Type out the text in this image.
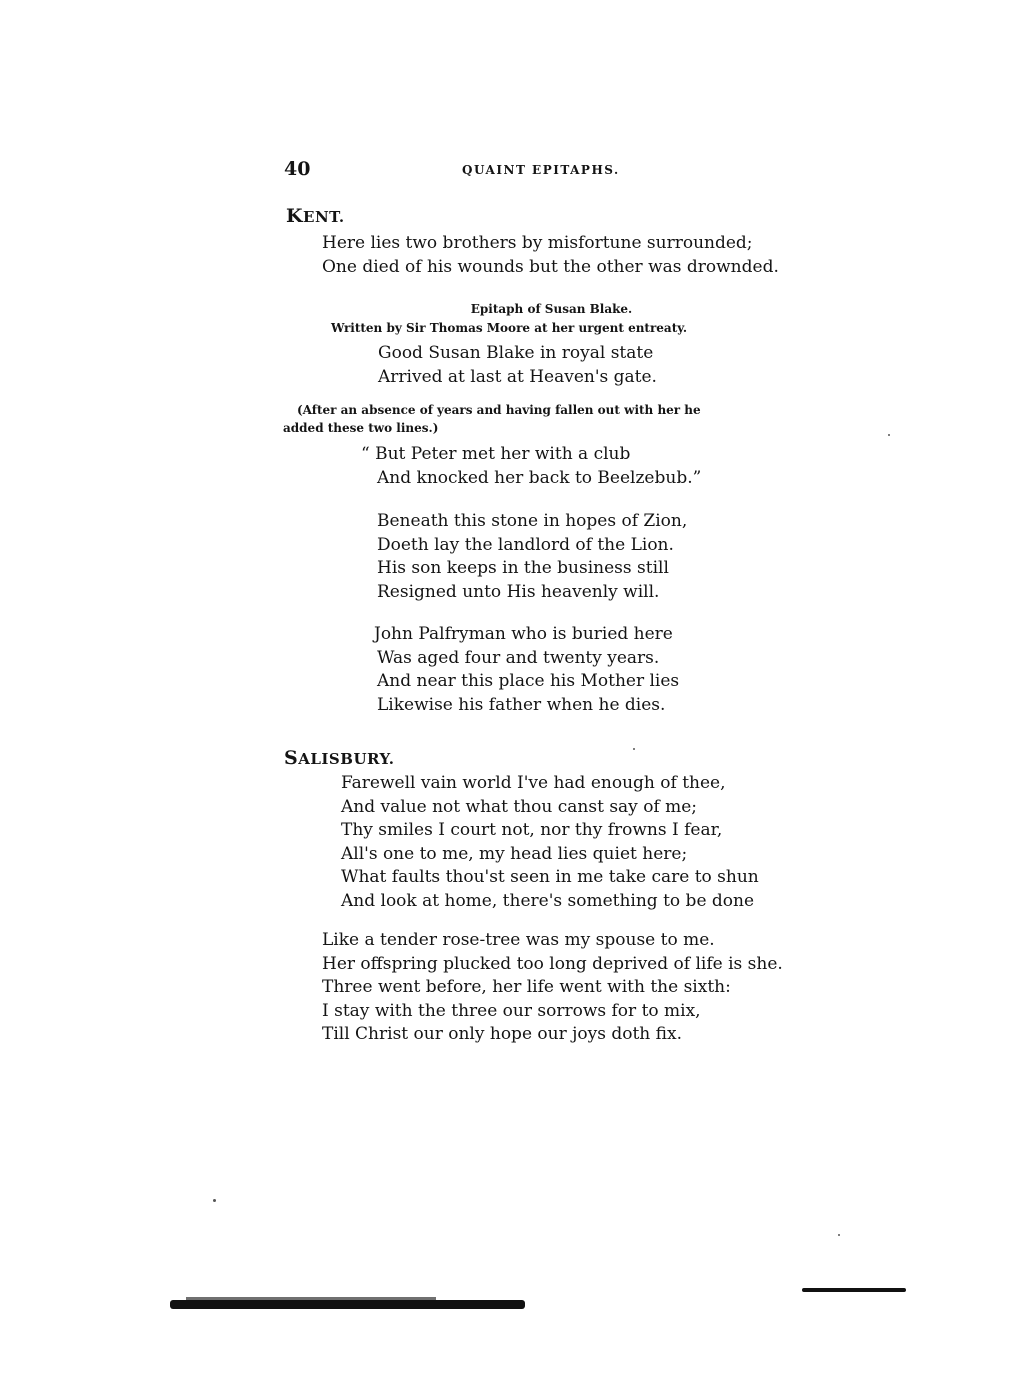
40	QUAINT EPITAPHS.
KENT.
Here lies two brothers by misfortune surrounded;
One died of his wounds but the other was drownded.
Epitaph of Susan Blake.
Written by Sir Thomas Moore at her urgent entreaty.
Good Susan Blake in royal state
Arrived at last at Heaven's gate.
(After an absence of years and having fallen out with her he
added these two lines.)
“ But Peter met her with a club
And knocked her back to Beelzebub.”
Beneath this stone in hopes of Zion,
Doeth lay the landlord of the Lion.
His son keeps in the business still
Resigned unto His heavenly will.
John Palfryman who is buried here
Was aged four and twenty years.
And near this place his Mother lies
Likewise his father when he dies.
SALISBURY.
Farewell vain world I've had enough of thee,
And value not what thou canst say of me;
Thy smiles I court not, nor thy frowns I fear,
All's one to me, my head lies quiet here;
What faults thou'st seen in me take care to shun
And look at home, there's something to be done
Like a tender rose-tree was my spouse to me.
Her offspring plucked too long deprived of life is she.
Three went before, her life went with the sixth:
I stay with the three our sorrows for to mix,
Till Christ our only hope our joys doth fix.
